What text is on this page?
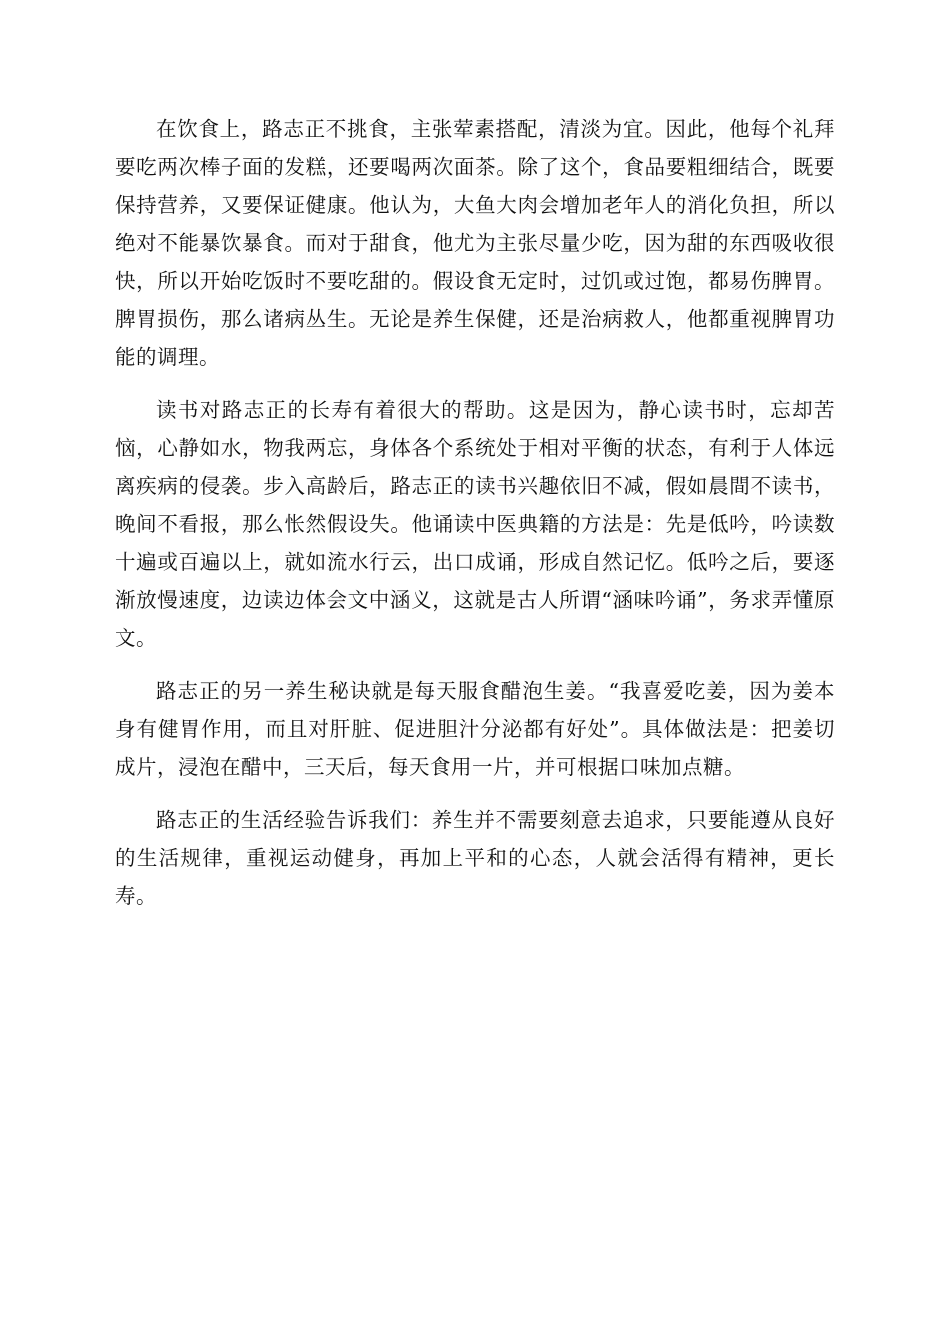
在饮食上，路志正不挑食，主张荤素搭配，清淡为宜。因此，他每个礼拜要吃两次棒子面的发糕，还要喝两次面茶。除了这个，食品要粗细结合，既要保持营养，又要保证健康。他认为，大鱼大肉会增加老年人的消化负担，所以绝对不能暴饮暴食。而对于甜食，他尤为主张尽量少吃，因为甜的东西吸收很快，所以开始吃饭时不要吃甜的。假设食无定时，过饥或过饱，都易伤脾胃。脾胃损伤，那么诸病丛生。无论是养生保健，还是治病救人，他都重视脾胃功能的调理。

读书对路志正的长寿有着很大的帮助。这是因为，静心读书时，忘却苦恼，心静如水，物我两忘，身体各个系统处于相对平衡的状态，有利于人体远离疾病的侵袭。步入高龄后，路志正的读书兴趣依旧不减，假如晨間不读书，晚间不看报，那么怅然假设失。他诵读中医典籍的方法是：先是低吟，吟读数十遍或百遍以上，就如流水行云，出口成诵，形成自然记忆。低吟之后，要逐渐放慢速度，边读边体会文中涵义，这就是古人所谓“涵味吟诵”，务求弄懂原文。

路志正的另一养生秘诀就是每天服食醋泡生姜。“我喜爱吃姜，因为姜本身有健胃作用，而且对肝脏、促进胆汁分泌都有好处”。具体做法是：把姜切成片，浸泡在醋中，三天后，每天食用一片，并可根据口味加点糖。

路志正的生活经验告诉我们：养生并不需要刻意去追求，只要能遵从良好的生活规律，重视运动健身，再加上平和的心态，人就会活得有精神，更长寿。
